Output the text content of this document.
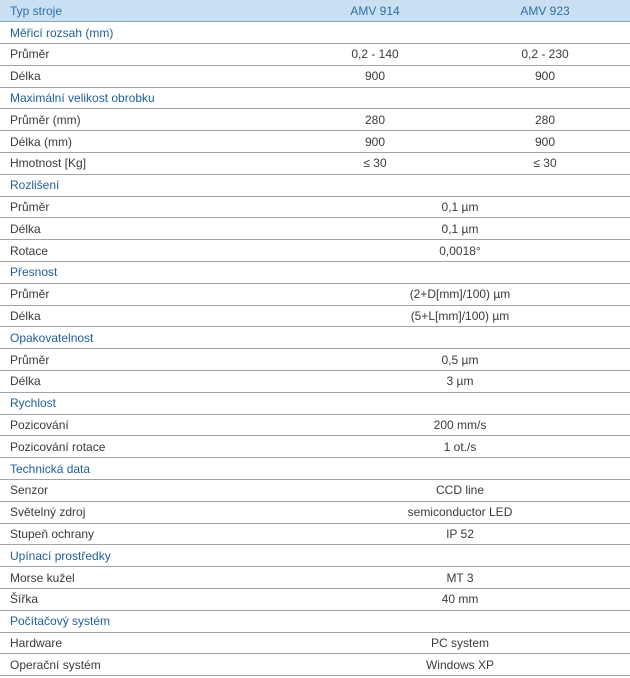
Typ stroje	AMV 914	AMV 923
Měřicí rozsah (mm)		
Průměr	0,2 - 140	0,2 - 230
Délka	900	900
Maximální velikost obrobku		
Průměr (mm)	280	280
Délka (mm)	900	900
Hmotnost [Kg]	≤ 30	≤ 30
Rozlišení		
Průměr	0,1 µm	
Délka	0,1 µm	
Rotace	0,0018°	
Přesnost		
Průměr	(2+D[mm]/100) µm	
Délka	(5+L[mm]/100) µm	
Opakovatelnost		
Průměr	0,5 µm	
Délka	3 µm	
Rychlost		
Pozicování	200 mm/s	
Pozicování rotace	1 ot./s	
Technická data		
Senzor	CCD line	
Světelný zdroj	semiconductor LED	
Stupeň ochrany	IP 52	
Upínací prostředky		
Morse kužel	MT 3	
Šířka	40 mm	
Počítačový systém		
Hardware	PC system	
Operační systém	Windows XP	
